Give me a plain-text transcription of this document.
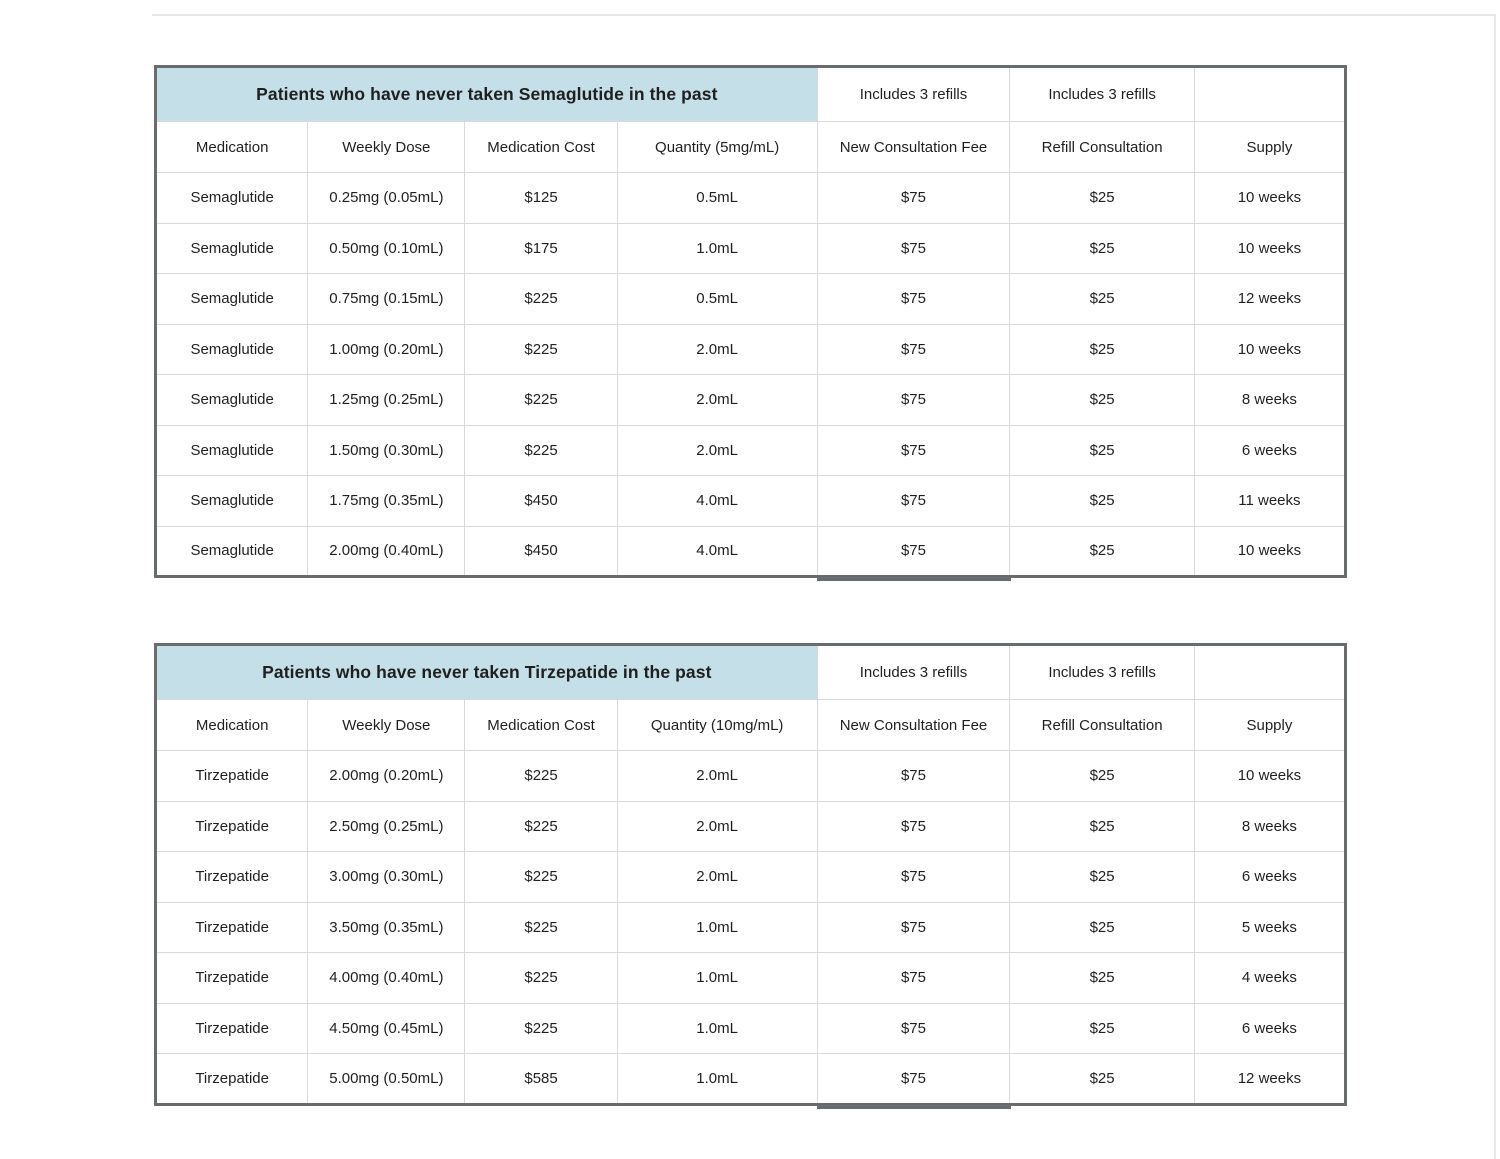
Patients who have never taken Semaglutide in the past				Includes 3 refills	Includes 3 refills	
Medication	Weekly Dose	Medication Cost	Quantity (5mg/mL)	New Consultation Fee	Refill Consultation	Supply
Semaglutide	0.25mg (0.05mL)	$125	0.5mL	$75	$25	10 weeks
Semaglutide	0.50mg (0.10mL)	$175	1.0mL	$75	$25	10 weeks
Semaglutide	0.75mg (0.15mL)	$225	0.5mL	$75	$25	12 weeks
Semaglutide	1.00mg (0.20mL)	$225	2.0mL	$75	$25	10 weeks
Semaglutide	1.25mg (0.25mL)	$225	2.0mL	$75	$25	8 weeks
Semaglutide	1.50mg (0.30mL)	$225	2.0mL	$75	$25	6 weeks
Semaglutide	1.75mg (0.35mL)	$450	4.0mL	$75	$25	11 weeks
Semaglutide	2.00mg (0.40mL)	$450	4.0mL	$75	$25	10 weeks
Patients who have never taken Tirzepatide in the past				Includes 3 refills	Includes 3 refills	
Medication	Weekly Dose	Medication Cost	Quantity (10mg/mL)	New Consultation Fee	Refill Consultation	Supply
Tirzepatide	2.00mg (0.20mL)	$225	2.0mL	$75	$25	10 weeks
Tirzepatide	2.50mg (0.25mL)	$225	2.0mL	$75	$25	8 weeks
Tirzepatide	3.00mg (0.30mL)	$225	2.0mL	$75	$25	6 weeks
Tirzepatide	3.50mg (0.35mL)	$225	1.0mL	$75	$25	5 weeks
Tirzepatide	4.00mg (0.40mL)	$225	1.0mL	$75	$25	4 weeks
Tirzepatide	4.50mg (0.45mL)	$225	1.0mL	$75	$25	6 weeks
Tirzepatide	5.00mg (0.50mL)	$585	1.0mL	$75	$25	12 weeks
